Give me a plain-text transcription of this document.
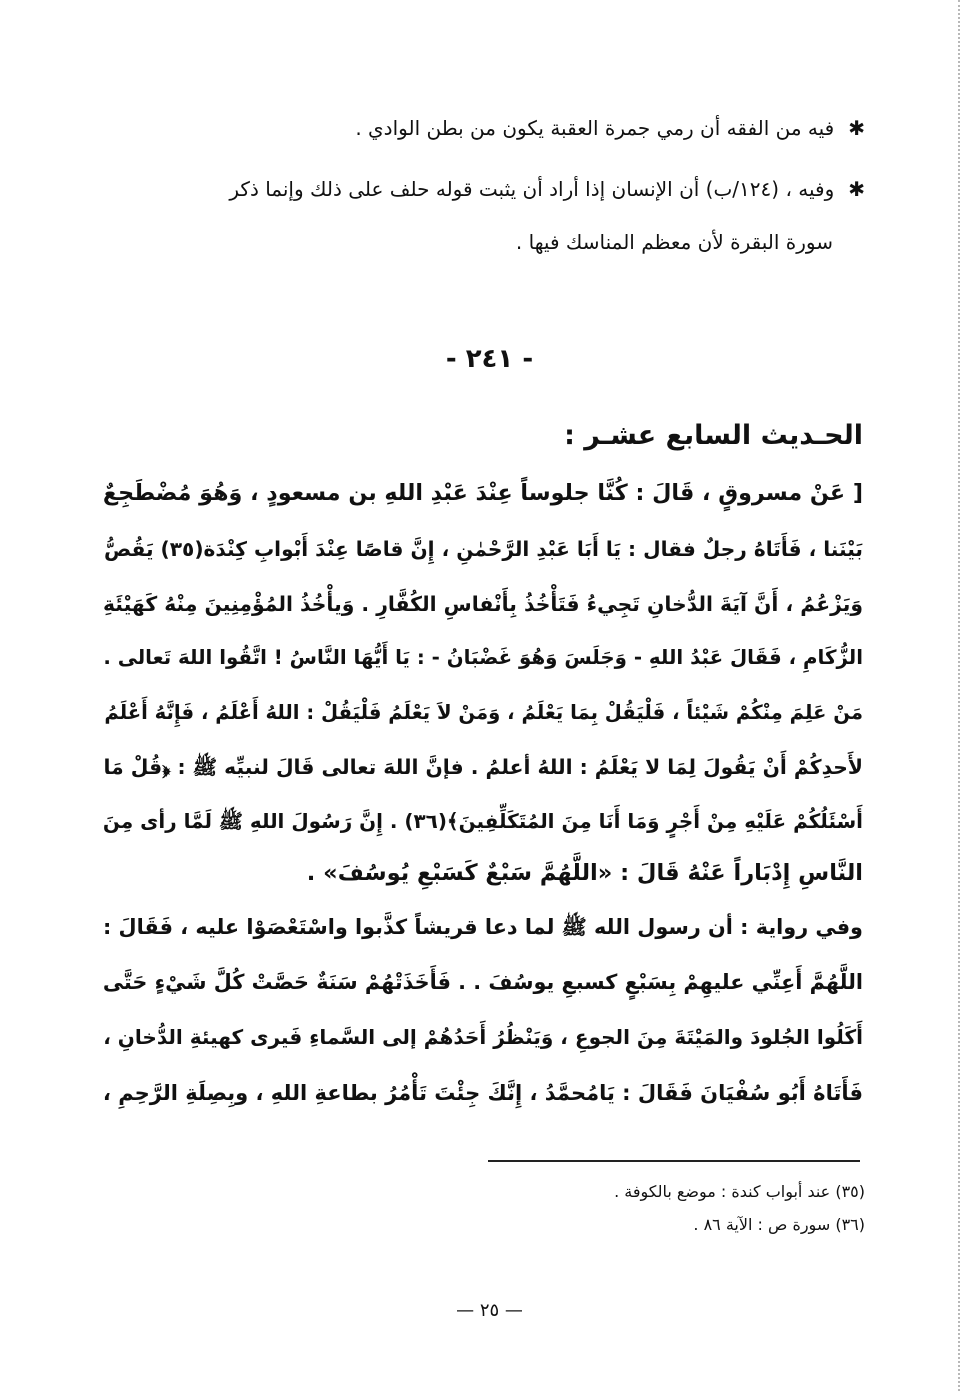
✱فيه من الفقه أن رمي جمرة العقبة يكون من بطن الوادي .
✱وفيه ، (١٢٤/ب) أن الإنسان إذا أراد أن يثبت قوله حلف على ذلك وإنما ذكر
سورة البقرة لأن معظم المناسك فيها .
- ٢٤١ -
الحـديث السابع عشـر :
[ عَنْ مسروقٍ ، قَالَ : كُنَّا جلوساً عِنْدَ عَبْدِ اللهِ بن مسعودٍ ، وَهُوَ مُضْطَجِعٌ
بَيْنَنا ، فَأَتَاهُ رجلٌ فقال : يَا أَبَا عَبْدِ الرَّحْمٰنِ ، إِنَّ قاصًا عِنْدَ أَبْوابِ كِنْدَة(٣٥) يَقُصُّ
وَيَزْعُمُ ، أَنَّ آيَةَ الدُّخانِ تَجِيءُ فَتَأْخُذُ بِأَنْفاسِ الكُفَّارِ . وَيأْخُذُ المُؤْمِنِينَ مِنْهُ كَهَيْئَةِ
الزُّكَامِ ، فَقَالَ عَبْدُ اللهِ - وَجَلَسَ وَهُوَ غَضْبَانُ - : يَا أَيُّهَا النَّاسُ ! اتَّقُوا اللهَ تَعالى .
مَنْ عَلِمَ مِنْكُمْ شَيْئاً ، فَلْيَقُلْ بِمَا يَعْلَمُ ، وَمَنْ لاَ يَعْلَمُ فَلْيَقُلْ : اللهُ أَعْلَمُ ، فَإِنَّهُ أَعْلَمُ
لأَحدِكُمْ أَنْ يَقُولَ لِمَا لا يَعْلَمُ : اللهُ أعلمُ . فإنَّ اللهَ تعالى قَالَ لنبيِّه ﷺ : ﴿قُلْ مَا
أَسْئَلُكُمْ عَلَيْهِ مِنْ أَجْرٍ وَمَا أَنَا مِنَ المُتَكَلِّفِينَ﴾(٣٦) . إِنَّ رَسُولَ اللهِ ﷺ لَمَّا رأى مِنَ
النَّاسِ إِدْبَاراً عَنْهُ قَالَ : «اللَّهُمَّ سَبْعٌ كَسَبْعِ يُوسُفَ» .
وفي رواية : أن رسول الله ﷺ لما دعا قريشاً كذَّبوا واسْتَعْصَوْا عليه ، فَقَالَ :
اللَّهُمَّ أَعِنِّي عليهِمْ بِسَبْعٍ كسبعِ يوسُفَ . . فَأَخَذَتْهُمْ سَنَةٌ حَصَّتْ كُلَّ شَيْءٍ حَتَّى
أَكَلُوا الجُلودَ والمَيْتَةَ مِنَ الجوعِ ، وَيَنْظُرُ أَحَدُهُمْ إلى السَّماءِ فَيرى كهيئةِ الدُّخانِ ،
فَأَتَاهُ أَبُو سُفْيَانَ فَقَالَ : يَامُحمَّدُ ، إِنَّكَ جِئْتَ تَأْمُرُ بطاعةِ اللهِ ، وبِصِلَةِ الرَّحِمِ ،
(٣٥) عند أبواب كندة : موضع بالكوفة .
(٣٦) سورة ص : الآية ٨٦ .
— ٢٥ —
